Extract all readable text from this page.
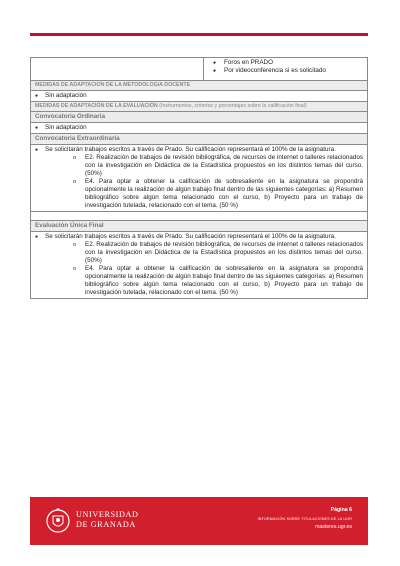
● Foros en PRADO
● Por videoconferencia si es solicitado

MEDIDAS DE ADAPTACION DE LA METODOLOGIA DOCENTE

● Sin adaptación

MEDIDAS DE ADAPTACION DE LA EVALUACIÓN (Instrumentos, criterios y porcentajes sobre la calificación final)
Convocatoria Ordinaria

● Sin adaptación

Convocatoria Extraordinaria

● Se solicitarán trabajos escritos a través de Prado. Su calificación representará el 100% de la asignatura.
o E2. Realización de trabajos de revisión bibliográfica, de recursos de internet o talleres relacionados con la investigación en Didáctica de la Estadística propuestos en los distintos temas del curso. (50%)
o E4. Para optar a obtener la calificación de sobresaliente en la asignatura se propondrá opcionalmente la realización de algún trabajo final dentro de las siguientes categorías: a) Resumen bibliográfico sobre algún tema relacionado con el curso, b) Proyecto para un trabajo de investigación tutelada, relacionado con el tema. (50 %)

Evaluación Única Final

● Se solicitarán trabajos escritos a través de Prado. Su calificación representará el 100% de la asignatura.
o E2. Realización de trabajos de revisión bibliográfica, de recursos de internet o talleres relacionados con la investigación en Didáctica de la Estadística propuestos en los distintos temas del curso. (50%)
o E4. Para optar a obtener la calificación de sobresaliente en la asignatura se propondrá opcionalmente la realización de algún trabajo final dentro de las siguientes categorías: a) Resumen bibliográfico sobre algún tema relacionado con el curso, b) Proyecto para un trabajo de investigación tutelada, relacionado con el tema. (50 %)
UNIVERSIDAD
DE GRANADA
Página 6
INFORMACIÓN SOBRE TITULACIONES DE LA UGR
masteres.ugr.es
